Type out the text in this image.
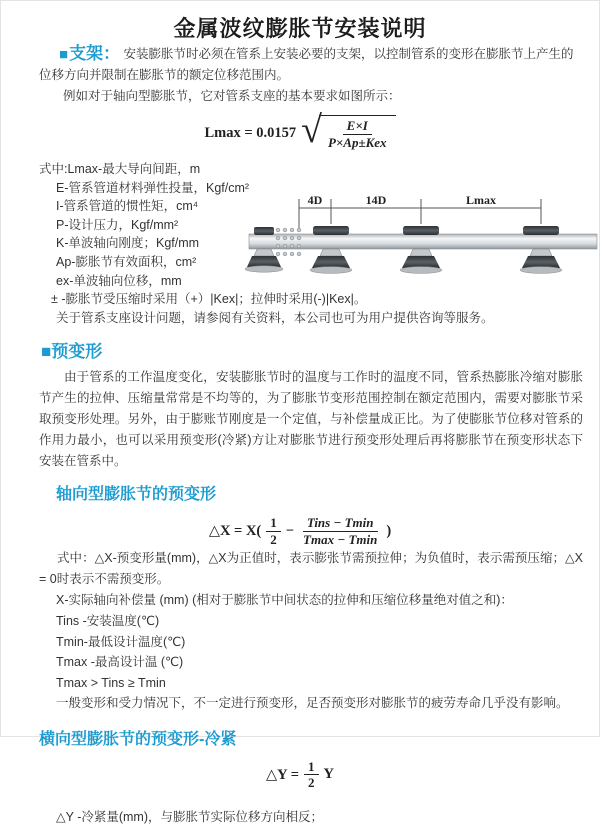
金属波纹膨胀节安装说明

■支架： 安装膨胀节时必须在管系上安装必要的支架，以控制管系的变形在膨胀节上产生的位移方向并限制在膨胀节的额定位移范围内。

例如对于轴向型膨胀节，它对管系支座的基本要求如图所示：

Lmax = 0.0157 √ $\frac{E\times I}{\text{P×Ap±Kex}}$
式中:Lmax-最大导向间距，m
E-管系管道材料弹性投量，Kgf/cm²
I-管系管道的惯性矩，cm⁴
P-设计压力，Kgf/mm²
K-单波轴向刚度；Kgf/mm
Ap-膨胀节有效面积，cm²
ex-单波轴向位移，mm
± -膨胀节受压缩时采用（+）|Kex|；拉伸时采用(-)|Kex|。
关于管系支座设计问题，请参阅有关资料，本公司也可为用户提供咨询等服务。
4D	14D	Lmax
■预变形

由于管系的工作温度变化，安装膨胀节时的温度与工作时的温度不同，管系热膨胀冷缩对膨胀节产生的拉伸、压缩量常常是不均等的，为了膨胀节变形范围控制在额定范围内，需要对膨胀节采取预变形处理。另外，由于膨账节刚度是一个定值，与补偿量成正比。为了使膨胀节位移对管系的作用力最小，也可以采用预变形(冷紧)方让对膨胀节进行预变形处理后再将膨胀节在预变形状态下安装在管系中。

轴向型膨胀节的预变形
△X = $X( \frac{1}{2} - \frac{\text{Tins − Tmin}}{Tmax - Tmin}$ )

式中：△X-预变形量(mm)，△X为正值时，表示膨张节需预拉伸；为负值时，表示需预压缩；△X = 0时表示不需预变形。

X-实际轴向补偿量 (mm) (相对于膨胀节中间状态的拉伸和压缩位移量绝对值之和)：
Tins -安装温度(℃)
Tmin-最低设计温度(℃)
Tmax -最高设计温 (℃)
Tmax > Tins ≥ Tmin
一般变形和受力情况下，不一定进行预变形，足否预变形对膨胀节的疲劳寿命几乎没有影响。
横向型膨胀节的预变形-冷紧
△Y = $\frac{1}{2}$ Y
△Y -冷紧量(mm)，与膨胀节实际位移方向相反；
